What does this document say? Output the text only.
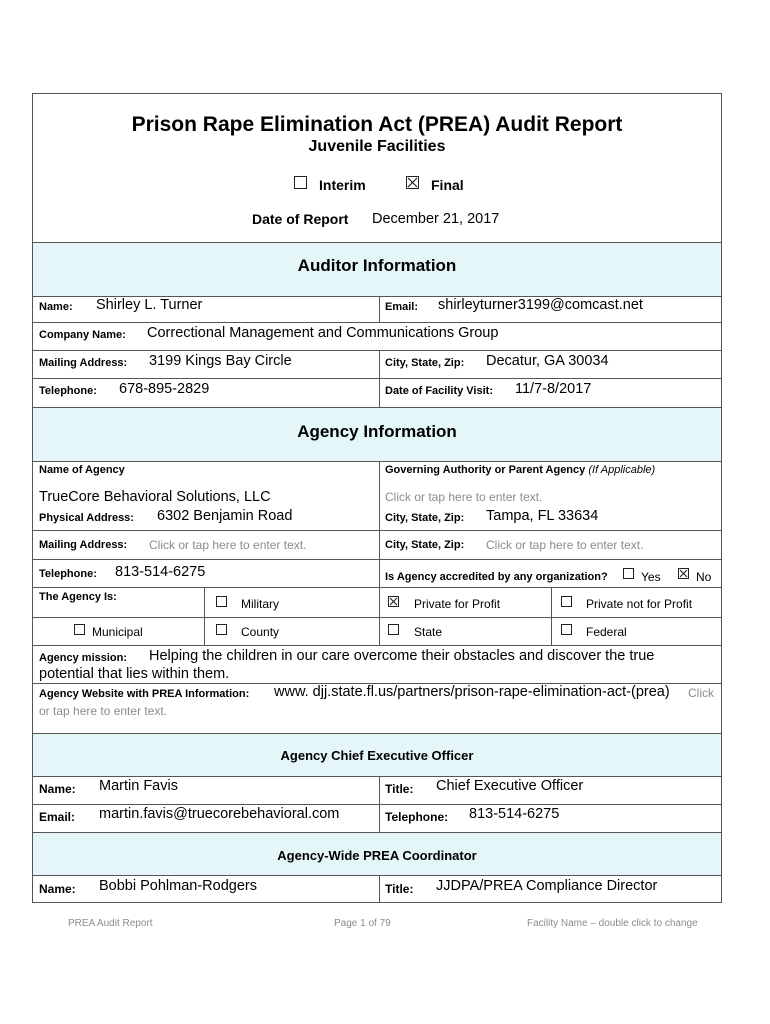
Prison Rape Elimination Act (PREA) Audit Report
Juvenile Facilities
Interim	Final
Date of Report December 21, 2017
Auditor Information
Name: Shirley L. Turner	Email: shirleyturner3199@comcast.net
Company Name: Correctional Management and Communications Group
Mailing Address: 3199 Kings Bay Circle	City, State, Zip: Decatur, GA 30034
Telephone: 678-895-2829	Date of Facility Visit: 11/7-8/2017
Agency Information
Name of Agency	Governing Authority or Parent Agency (If Applicable)
TrueCore Behavioral Solutions, LLC	Click or tap here to enter text.
Physical Address: 6302 Benjamin Road	City, State, Zip: Tampa, FL 33634
Mailing Address: Click or tap here to enter text.	City, State, Zip: Click or tap here to enter text.
Telephone: 813-514-6275	Is Agency accredited by any organization?	Yes	No
The Agency Is:	Military	Private for Profit	Private not for Profit
Municipal	County	State	Federal
Agency mission: Helping the children in our care overcome their obstacles and discover the true
potential that lies within them.
Agency Website with PREA Information: www. djj.state.fl.us/partners/prison-rape-elimination-act-(prea) Click
or tap here to enter text.
Agency Chief Executive Officer
Name: Martin Favis	Title: Chief Executive Officer
Email: martin.favis@truecorebehavioral.com	Telephone: 813-514-6275
Agency-Wide PREA Coordinator
Name: Bobbi Pohlman-Rodgers	Title: JJDPA/PREA Compliance Director
PREA Audit Report	Page 1 of 79	Facility Name – double click to change
